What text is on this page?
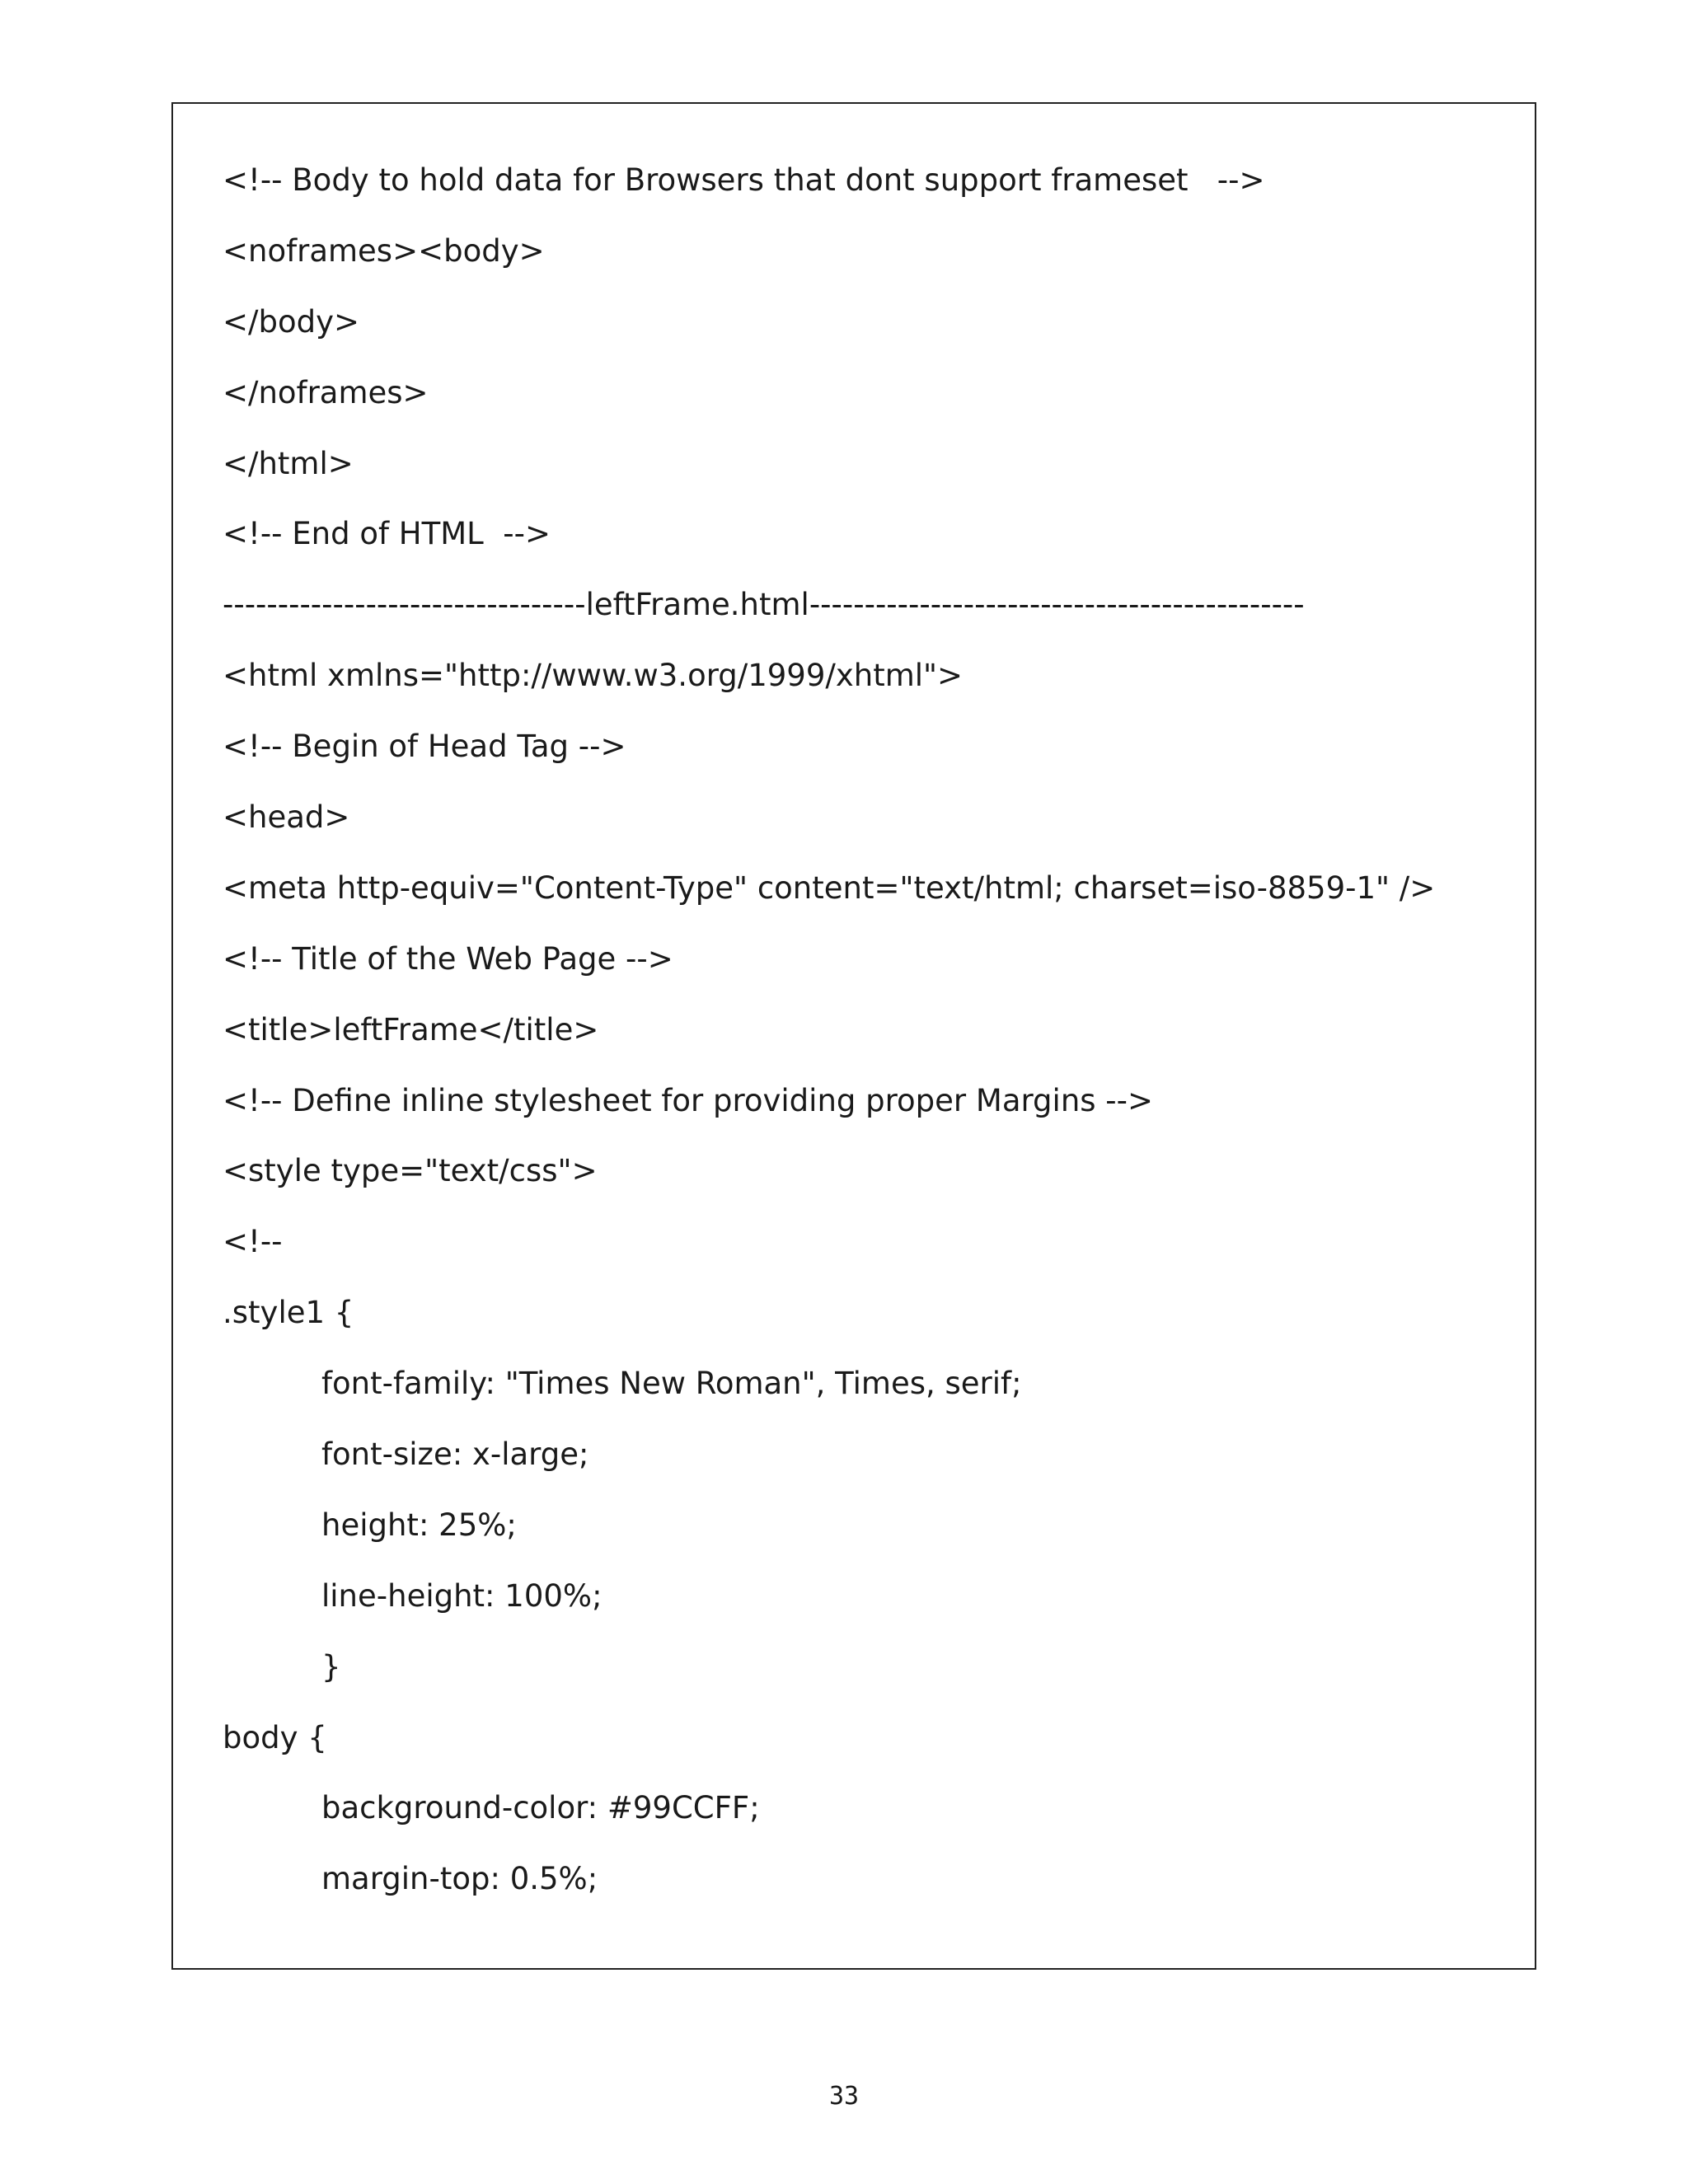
<!-- Body to hold data for Browsers that dont support frameset   -->
<noframes><body>
</body>
</noframes>
</html>
<!-- End of HTML  -->
---------------------------------leftFrame.html---------------------------------------------
<html xmlns="http://www.w3.org/1999/xhtml">
<!-- Begin of Head Tag -->
<head>
<meta http-equiv="Content-Type" content="text/html; charset=iso-8859-1" />
<!-- Title of the Web Page -->
<title>leftFrame</title>
<!-- Define inline stylesheet for providing proper Margins -->
<style type="text/css">
<!--
.style1 {
font-family: "Times New Roman", Times, serif;
font-size: x-large;
height: 25%;
line-height: 100%;
}
body {
background-color: #99CCFF;
margin-top: 0.5%;
33
